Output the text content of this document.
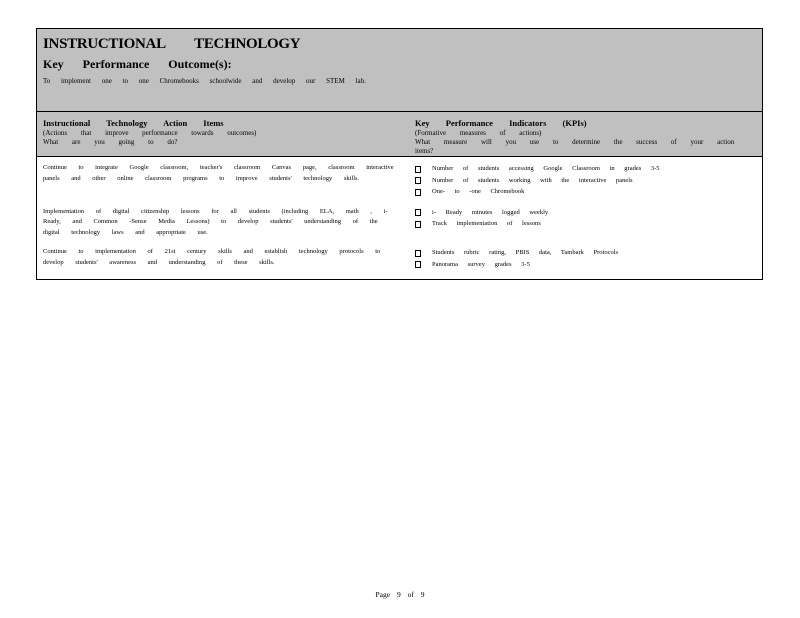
INSTRUCTIONAL TECHNOLOGY
Key Performance Outcome(s):
To implement one to one Chromebooks schoolwide and develop our STEM lab.
Instructional Technology Action Items
(Actions that improve performance towards outcomes)
What are you going to do?
Key Performance Indicators (KPIs)
(Formative measures of actions)
What measure will you use to determine the success of your action items?
Continue to integrate Google classroom, teacher's classroom Canvas page, classroom interactive panels and other online classroom programs to improve students' technology skills.
Number of students accessing Google Classroom in grades 3-5
Number of students working with the interactive panels
One- to -one Chromebook
Implementation of digital citizenship lessons for all students (including ELA, math , i- Ready, and Common -Sense Media Lessons) to develop students' understanding of the digital technology laws and appropriate use.
i- Ready minutes logged weekly
Track implementation of lessons
Continue to implementation of 21st century skills and establish technology protocols to develop students' awareness and understanding of these skills.
Students rubric rating, PBIS data, Tambark Protocols
Panorama survey grades 3-5
Page 9 of 9
